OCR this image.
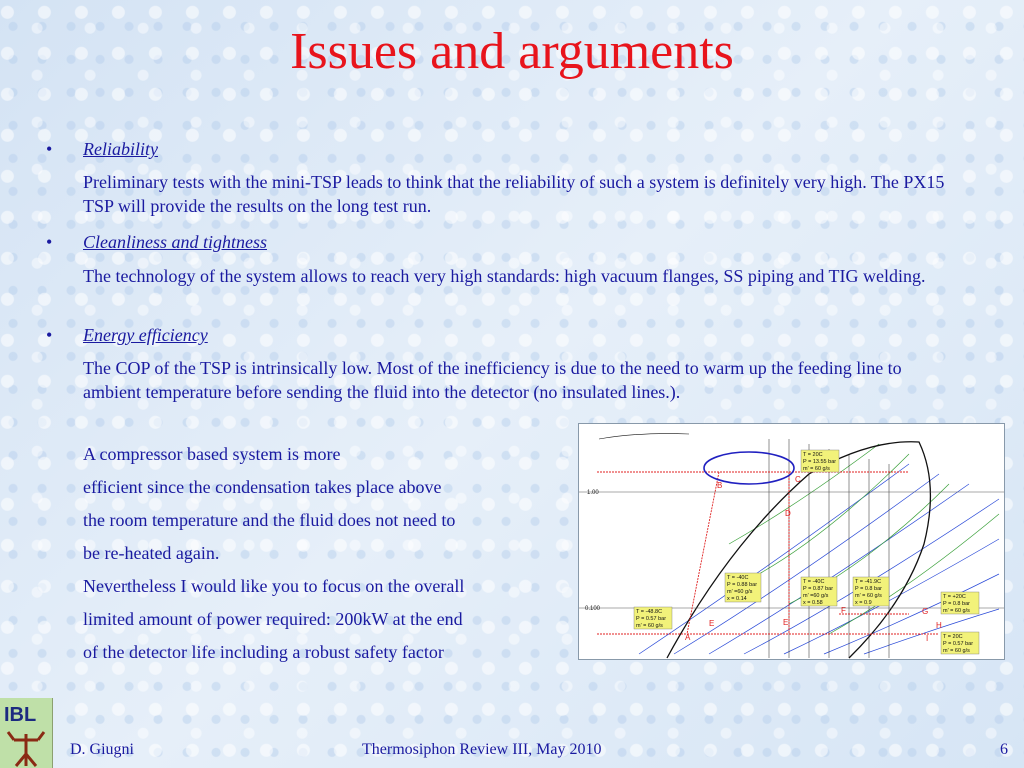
Issues and arguments
• Reliability
Preliminary tests with the mini-TSP leads to think that the reliability of such a system is definitely very high. The PX15 TSP will provide the results on the long test run.
• Cleanliness and tightness
The technology of the system allows to reach very high standards: high vacuum flanges, SS piping and TIG welding.
• Energy efficiency
The COP of the TSP is intrinsically low. Most of the inefficiency is due to the need to warm up the feeding line to ambient temperature before sending the fluid into the detector (no insulated lines.).
A compressor based system is more
efficient since the condensation takes place above
the room temperature and the fluid does not need to
be re-heated again.
Nevertheless I would like you to focus on the overall
limited amount of power required: 200kW at the end
of the detector life including a robust safety factor
1.00
0.100
A
B
C
D
E	E
F	G
H
I
T = 20C
P = 13.55 bar
m' = 60 g/s
T = -48.8C
P = 0.57 bar
m' = 60 g/s
T = -40C
P = 0.88 bar
m' =60 g/s
x = 0.14
T = -40C
P = 0.87 bar
m' =60 g/s
x = 0.58
T = -41.9C
P = 0.8 bar
m' = 60 g/s
x = 0.9
T = +20C
P = 0.8 bar
m' = 60 g/s
T = 20C
P = 0.57 bar
m' = 60 g/s
IBL
D. Giugni	Thermosiphon Review III, May 2010	6
